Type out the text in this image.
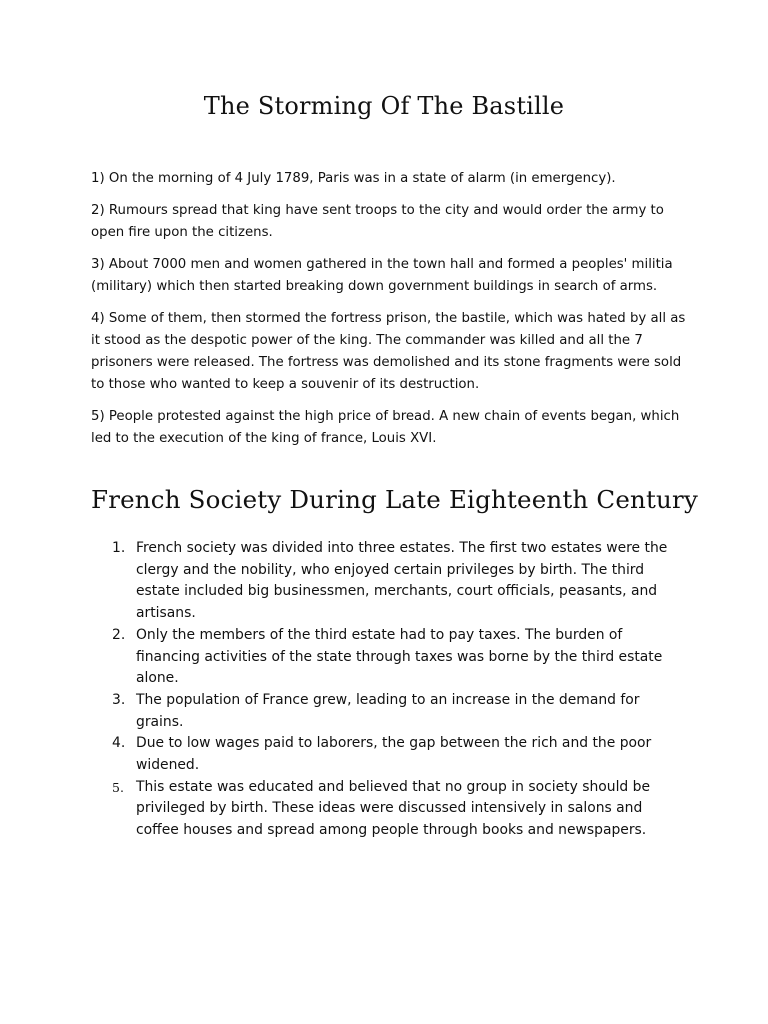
The Storming Of The Bastille

1) On the morning of 4 July 1789, Paris was in a state of alarm (in emergency).

2) Rumours spread that king have sent troops to the city and would order the army to open fire upon the citizens.

3) About 7000 men and women gathered in the town hall and formed a peoples' militia (military) which then started breaking down government buildings in search of arms.

4) Some of them, then stormed the fortress prison, the bastile, which was hated by all as it stood as the despotic power of the king. The commander was killed and all the 7 prisoners were released. The fortress was demolished and its stone fragments were sold to those who wanted to keep a souvenir of its destruction.

5) People protested against the high price of bread. A new chain of events began, which led to the execution of the king of france, Louis XVI.

French Society During Late Eighteenth Century
1. French society was divided into three estates. The first two estates were the clergy and the nobility, who enjoyed certain privileges by birth. The third estate included big businessmen, merchants, court officials, peasants, and artisans.
2. Only the members of the third estate had to pay taxes. The burden of financing activities of the state through taxes was borne by the third estate alone.
3. The population of France grew, leading to an increase in the demand for grains.
4. Due to low wages paid to laborers, the gap between the rich and the poor widened.
5. This estate was educated and believed that no group in society should be privileged by birth. These ideas were discussed intensively in salons and coffee houses and spread among people through books and newspapers.
